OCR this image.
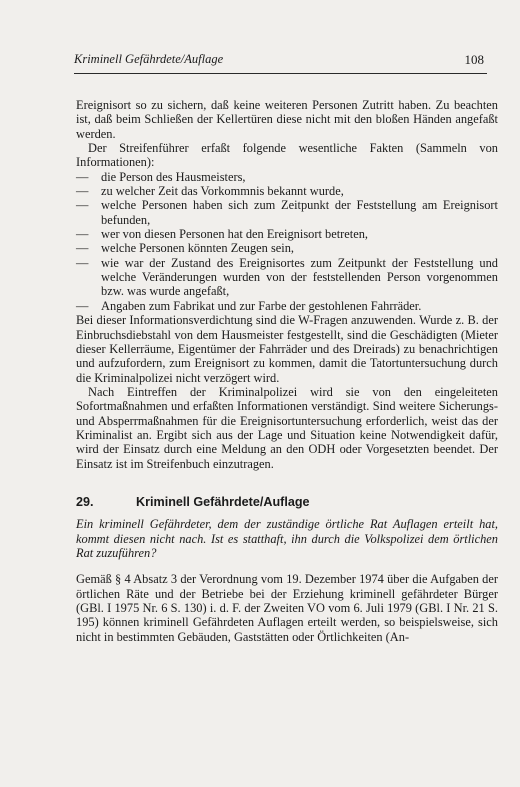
Kriminell Gefährdete/Auflage	108

Ereignisort so zu sichern, daß keine weiteren Personen Zutritt haben. Zu beachten ist, daß beim Schließen der Kellertüren diese nicht mit den bloßen Händen angefaßt werden.

Der Streifenführer erfaßt folgende wesentliche Fakten (Sammeln von Informationen):

— die Person des Hausmeisters,
— zu welcher Zeit das Vorkommnis bekannt wurde,
— welche Personen haben sich zum Zeitpunkt der Feststellung am Ereignisort befunden,
— wer von diesen Personen hat den Ereignisort betreten,
— welche Personen könnten Zeugen sein,
— wie war der Zustand des Ereignisortes zum Zeitpunkt der Feststellung und welche Veränderungen wurden von der feststellenden Person vorgenommen bzw. was wurde angefaßt,
— Angaben zum Fabrikat und zur Farbe der gestohlenen Fahrräder.

Bei dieser Informationsverdichtung sind die W-Fragen anzuwenden. Wurde z. B. der Einbruchsdiebstahl von dem Hausmeister festgestellt, sind die Geschädigten (Mieter dieser Kellerräume, Eigentümer der Fahrräder und des Dreirads) zu benachrichtigen und aufzufordern, zum Ereignisort zu kommen, damit die Tatortuntersuchung durch die Kriminalpolizei nicht verzögert wird.

Nach Eintreffen der Kriminalpolizei wird sie von den eingeleiteten Sofortmaßnahmen und erfaßten Informationen verständigt. Sind weitere Sicherungs- und Absperrmaßnahmen für die Ereignisortuntersuchung erforderlich, weist das der Kriminalist an. Ergibt sich aus der Lage und Situation keine Notwendigkeit dafür, wird der Einsatz durch eine Meldung an den ODH oder Vorgesetzten beendet. Der Einsatz ist im Streifenbuch einzutragen.

29.	Kriminell Gefährdete/Auflage

Ein kriminell Gefährdeter, dem der zuständige örtliche Rat Auflagen erteilt hat, kommt diesen nicht nach. Ist es statthaft, ihn durch die Volkspolizei dem örtlichen Rat zuzuführen?

Gemäß § 4 Absatz 3 der Verordnung vom 19. Dezember 1974 über die Aufgaben der örtlichen Räte und der Betriebe bei der Erziehung kriminell gefährdeter Bürger (GBl. I 1975 Nr. 6 S. 130) i. d. F. der Zweiten VO vom 6. Juli 1979 (GBl. I Nr. 21 S. 195) können kriminell Gefährdeten Auflagen erteilt werden, so beispielsweise, sich nicht in bestimmten Gebäuden, Gaststätten oder Örtlichkeiten (An-
